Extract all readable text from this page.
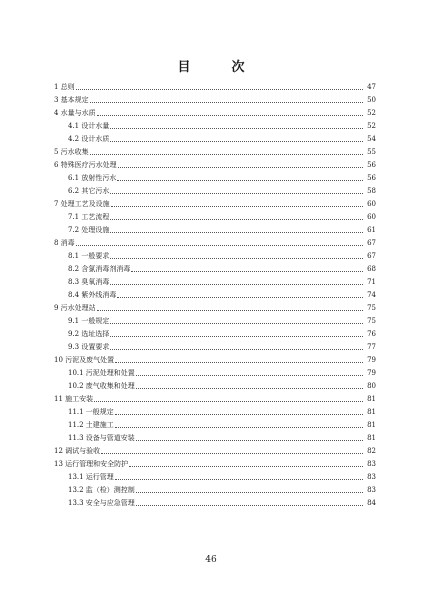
目　次
1 总则	47
3 基本规定	50
4 水量与水质	52
4.1 设计水量	52
4.2 设计水质	54
5 污水收集	55
6 特殊医疗污水处理	56
6.1 放射性污水	56
6.2 其它污水	58
7 处理工艺及设施	60
7.1 工艺流程	60
7.2 处理设施	61
8 消毒	67
8.1 一般要求	67
8.2 含氯消毒剂消毒	68
8.3 臭氧消毒	71
8.4 紫外线消毒	74
9 污水处理站	75
9.1 一般规定	75
9.2 选址选择	76
9.3 设置要求	77
10 污泥及废气处置	79
10.1 污泥处理和处置	79
10.2 废气收集和处理	80
11 施工安装	81
11.1 一般规定	81
11.2 土建施工	81
11.3 设备与管道安装	81
12 调试与验收	82
13 运行管理和安全防护	83
13.1 运行管理	83
13.2 监（检）测控制	83
13.3 安全与应急管理	84
46
